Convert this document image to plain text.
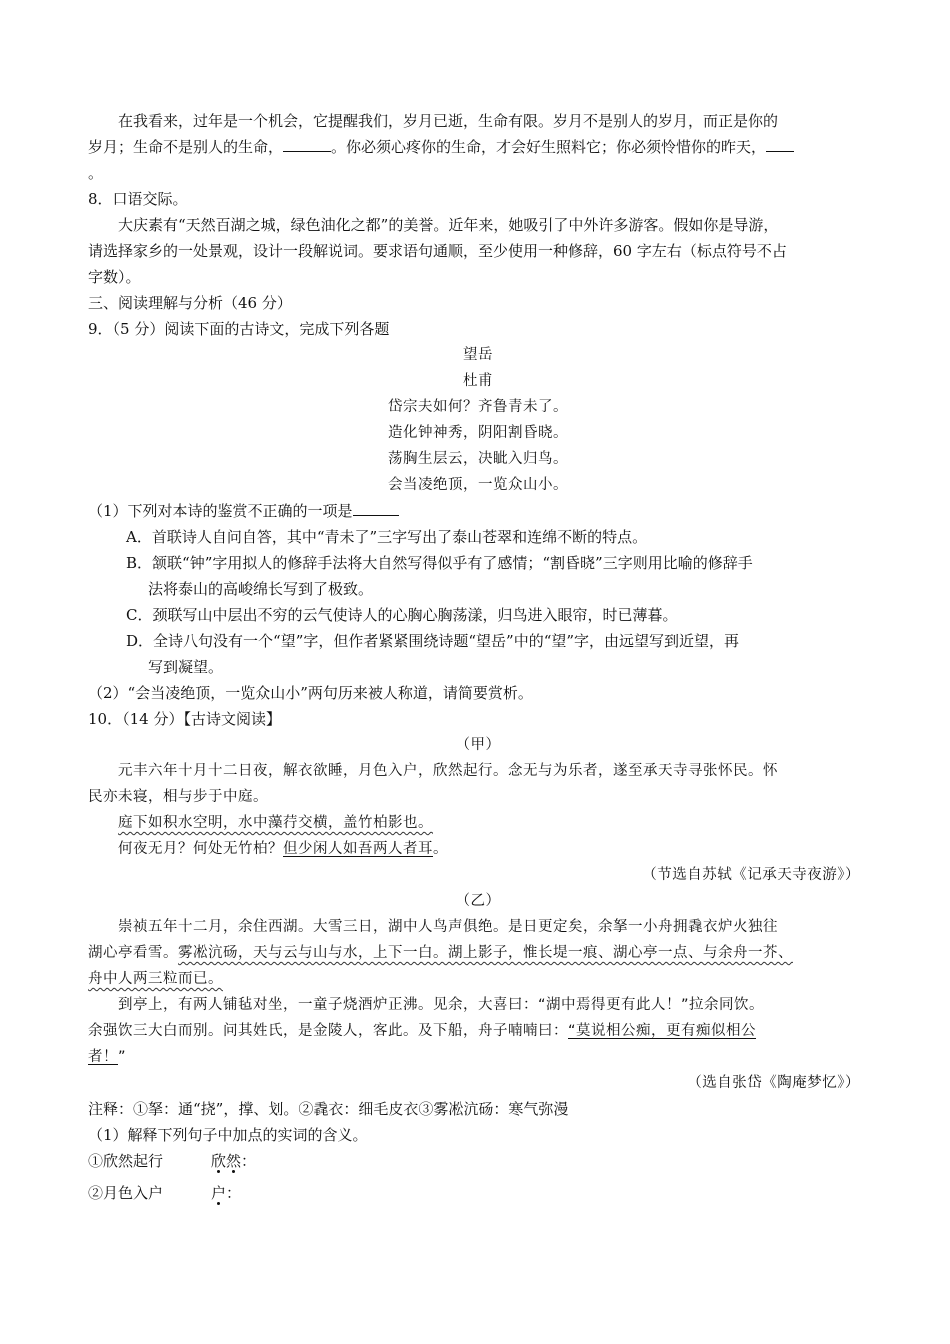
在我看来，过年是一个机会，它提醒我们，岁月已逝，生命有限。岁月不是别人的岁月，而正是你的
岁月；生命不是别人的生命，	。你必须心疼你的生命，才会好生照料它；你必须怜惜你的昨天，
。
8．口语交际。
大庆素有“天然百湖之城，绿色油化之都”的美誉。近年来，她吸引了中外许多游客。假如你是导游，
请选择家乡的一处景观，设计一段解说词。要求语句通顺，至少使用一种修辞，60 字左右（标点符号不占
字数）。
三、阅读理解与分析（46 分）
9．（5 分）阅读下面的古诗文，完成下列各题
望岳
杜甫
岱宗夫如何？齐鲁青未了。
造化钟神秀，阴阳割昏晓。
荡胸生层云，决眦入归鸟。
会当凌绝顶，一览众山小。
（1）下列对本诗的鉴赏不正确的一项是
A．首联诗人自问自答，其中“青未了”三字写出了泰山苍翠和连绵不断的特点。
B．颔联“钟”字用拟人的修辞手法将大自然写得似乎有了感情；“割昏晓”三字则用比喻的修辞手
法将泰山的高峻绵长写到了极致。
C．颈联写山中层出不穷的云气使诗人的心胸心胸荡漾，归鸟进入眼帘，时已薄暮。
D．全诗八句没有一个“望”字，但作者紧紧围绕诗题“望岳”中的“望”字，由远望写到近望，再
写到凝望。
（2）“会当凌绝顶，一览众山小”两句历来被人称道，请简要赏析。
10．（14 分）【古诗文阅读】
（甲）
元丰六年十月十二日夜，解衣欲睡，月色入户，欣然起行。念无与为乐者，遂至承天寺寻张怀民。怀
民亦未寝，相与步于中庭。
庭下如积水空明，水中藻荇交横，盖竹柏影也。
何夜无月？何处无竹柏？但少闲人如吾两人者耳。
（节选自苏轼《记承天寺夜游》）
（乙）
崇祯五年十二月，余住西湖。大雪三日，湖中人鸟声俱绝。是日更定矣，余拏一小舟拥毳衣炉火独往
湖心亭看雪。雾凇沆砀，天与云与山与水，上下一白。湖上影子，惟长堤一痕、湖心亭一点、与余舟一芥、
舟中人两三粒而已。
到亭上，有两人铺毡对坐，一童子烧酒炉正沸。见余，大喜曰：“湖中焉得更有此人！”拉余同饮。
余强饮三大白而别。问其姓氏，是金陵人，客此。及下船，舟子喃喃曰：“莫说相公痴，更有痴似相公
者！”
（选自张岱《陶庵梦忆》）
注释：①拏：通“挠”，撑、划。②毳衣：细毛皮衣③雾凇沆砀：寒气弥漫
（1）解释下列句子中加点的实词的含义。
①欣然起行	欣然：
②月色入户	户：
